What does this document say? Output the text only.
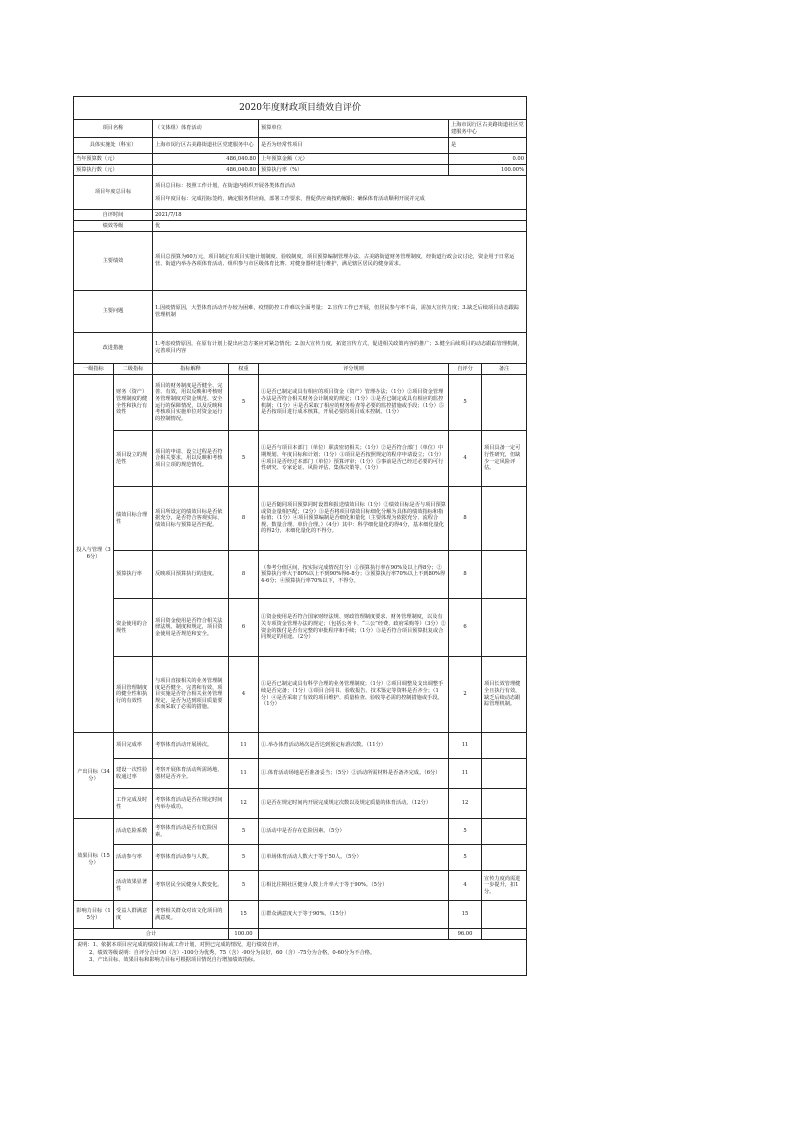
2020年度财政项目绩效自评价						
项目名称		（文体组）体育活动		预算单位	上海市闵行区古美路街道社区党建服务中心	
具体实施处（科室）		上海市闵行区古美路街道社区党建服务中心		是否为经常性项目	是	
当年预算数（元）		486,040.80		上年预算金额（元）	0.00	
预算执行数（元）		486,040.80		预算执行率（%）	100.00%	
项目年度总目标		项目总目标：按照工作计划，在街道内组织开展各类体育活动
项目年度目标：完成招标签约，确定服务供应商，部署工作要求，督促供应商按约履职；确保体育活动顺利开展并完成				

自评时间		2021/7/18				
绩效等级		优				
主要绩效		项目总预算为60万元，项目制定有项目实施计划制度、验收制度、项目预算编制管理办法、古美路街道财务管理制度，经街道行政会议讨论，资金用于日常运营、街道内举办各项体育活动、组织参与市区级体育比赛、对健身器材进行维护，满足辖区居民的健身需求。				
主要问题		1.因疫情原因，大型体育活动开办较为困难，疫情防控工作难以全面考量； 2.宣传工作已开展，但居民参与率不高，需加大宣传力度；3.缺乏后续项目动态跟踪管理机制				
改进措施		1.考虑疫情原因，在原有计划上提出应急方案应对紧急情况；2.加大宣传力度，拓宽宣传方式，促进相关政策内容的推广；3.健全后续项目的动态跟踪管理机制，完善项目内容				
一级指标	二级指标	指标解释	权重	评分规则	自评分	备注
投入与管理（36分）	财务（资产）管理制度的健全性和执行有效性	项目的财务制度是否健全、完善、有效，用以反映和考核财务管理制度对资金规范、安全运行的保障情况，以及反映和考核项目实施单位对资金运行的控制情况。	5	①是否已制定或具有相应的项目资金（资产）管理办法；（1分）②项目资金管理办法是否符合相关财务会计制度的规定；（1分）③是否已制定或具有相应的监控机制；（1分）④是否采取了相应的财务检查等必要的监控措施或手段；（1分）⑤是否按项目进行成本核算，开展必要的项目成本控制。（1分）	5	
	项目设立的规范性	项目的申请、设立过程是否符合相关要求，用以反映和考核项目立项的规范情况。	5	①是否与项目本部门（单位）职责密切相关；（1分）②是否符合部门（单位）中期规划、年度目标和计划；（1分）③项目是否按照规定的程序申请设立；（1分）④项目是否经过本部门（单位）预算评审；（1分）⑤事前是否已经过必要的可行性研究、专家论证、风险评估、集体决策等。（1分）	4	项目具备一定可行性研究，但缺少一定风险评估。
	绩效目标合理性	项目所设定的绩效目标是否依据充分，是否符合客观实际，绩效目标与预算是否匹配。	8	①是否随同项目预算同时设置和报送绩效目标（1分）②绩效目标是否与项目预算或资金量相匹配；（2分）③是否将项目绩效目标细化分解为具体的绩效指标和指标值；（1分）④项目预算编制是否细化和量化（主要体现为依据充分、流程合规、数量合理、单价合理。）（4分）其中：科学细化量化的得4分，基本细化量化的得2分，未细化量化的不得分。	8	
	预算执行率	反映项目预算执行的进度。	8	（参考分值区间，按实际完成情况打分）①预算执行率在90%及以上得8分；②预算执行率大于80%以上不到90%得6-8分；③预算执行率70%以上不到80%得4-6分；④预算执行率70%以下，不得分。	8	
	资金使用的合规性	项目资金使用是否符合相关法律法规、制度和规定，项目资金使用是否规范和安全。	6	①资金使用是否符合国家财经法规、财政管理制度要求、财务管理制度，以及有关专项资金管理办法的规定；（包括公务卡、“三公”经费、政府采购等）（3分）②资金的拨付是否有完整的审批程序和手续；（1分）③是否符合项目预算批复或合同规定的用途。（2分）	6	
	项目管理制度的健全性和执行的有效性	与项目直接相关的业务管理制度是否健全、完善和有效，项目实施是否符合相关业务管理规定，是否为达到项目质量要求而采取了必需的措施。	4	①是否已制定或具有科学合理的业务管理制度；（1分）②项目调整及支出调整手续是否完备；（1分）③项目合同书、验收报告、技术鉴定等资料是否齐全；（1分）④是否采取了有效的项目维护、质量检查、验收等必需的控制措施或手段。（1分）	2	项目长效管理健全且执行有效，缺乏后续动态跟踪管理机制。
产出目标（34分）	项目完成率	考察体育活动开展场次。	11	①.举办体育活动场次是否达到预定标准次数。（11分）	11	
	建设一次性验收通过率	考察开展体育活动所需场地、器材是否齐全。	11	①.体育活动场地是否准备妥当；（5分）②活动所需材料是否备齐完成。（6分）	11	
	工作完成及时性	考察体育活动是否在规定时间内举办成功。	12	①是否在规定时间内开展完成规定次数以及规定质量的体育活动。（12分）	12	
效果目标（15分）	活动危险系数	考察体育活动是否有危险因素。	5	①活动中是否存在危险因素。（5分）	5	
	活动参与率	考察体育活动参与人数。	5	①单场体育活动人数大于等于50人。（5分）	5	
	活动效果显著性	考察居民全民健身人数变化。	5	①相比往期社区健身人数上升率大于等于90%。（5分）	4	宣传力度尚需进一步提升，扣1分。
影响力目标（15分）	受益人群满意度	考察相关群众对该文化项目的满意度。	15	①群众满意度大于等于90%。（15分）	15	
合计			100.00		96.00	

说明：1、依据本项目应完成的绩效目标或工作计划，对照已完成的情况，进行绩效自评。
2、绩效等级说明：自评分合计90（含）-100分为优秀，75（含）-90分为良好，60（含）-75分为合格，0-60分为不合格。
3、产出目标、效果目标和影响力目标可根据项目情况自行增加绩效指标。						
